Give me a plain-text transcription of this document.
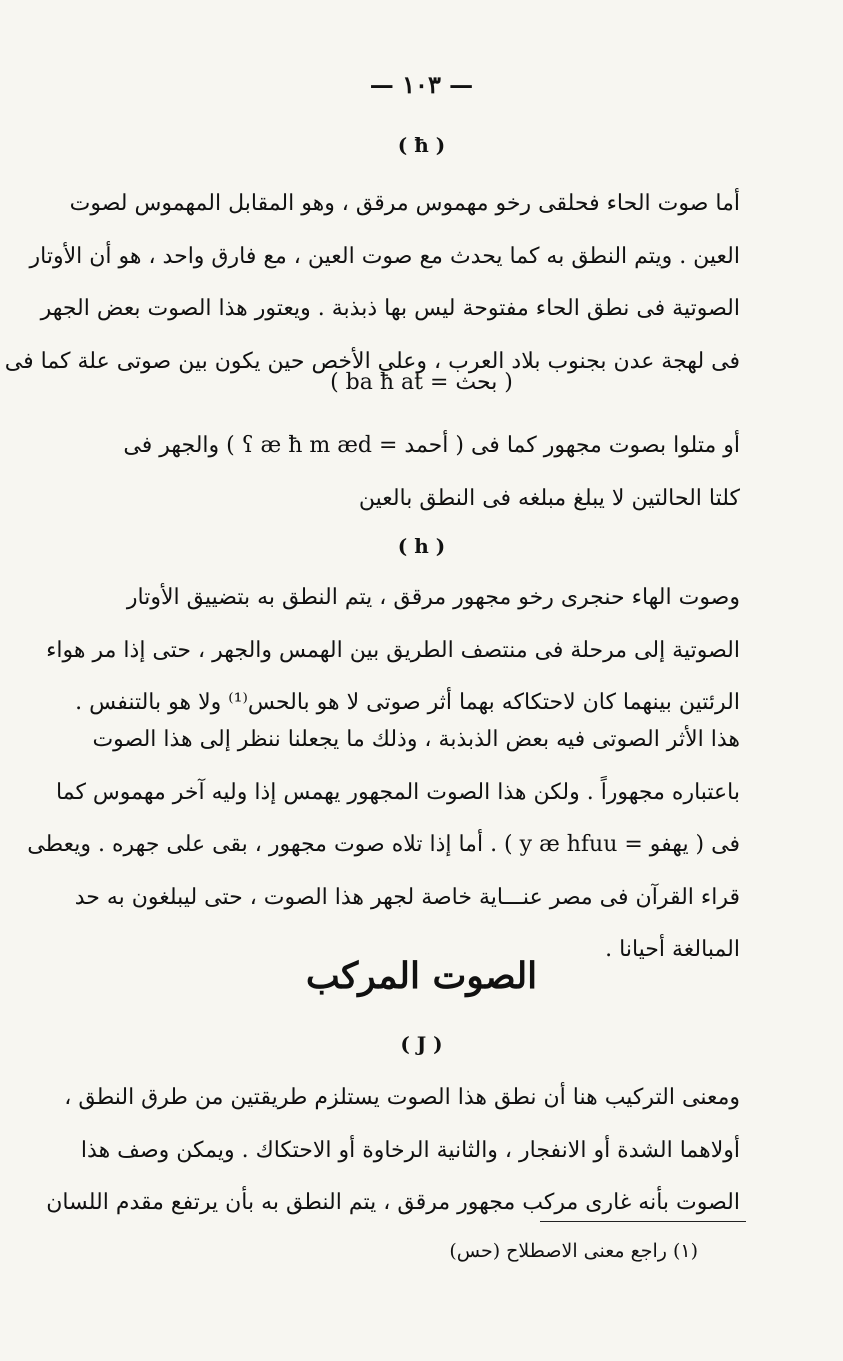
— ١٠٣ —
( ħ )
أما صوت الحاء فحلقى رخو مهموس مرقق ، وهو المقابل المهموس لصوت
العين . ويتم النطق به كما يحدث مع صوت العين ، مع فارق واحد ، هو أن الأوتار
الصوتية فى نطق الحاء مفتوحة ليس بها ذبذبة . ويعتور هذا الصوت بعض الجهر
فى لهجة عدن بجنوب بلاد العرب ، وعلى الأخص حين يكون بين صوتى علة كما فى
( بحث = ba ħ at )
أو متلوا بصوت مجهور كما فى ( أحمد = ʕ æ ħ m æd ) والجهر فى
كلتا الحالتين لا يبلغ مبلغه فى النطق بالعين
( h )
وصوت الهاء حنجرى رخو مجهور مرقق ، يتم النطق به بتضييق الأوتار
الصوتية إلى مرحلة فى منتصف الطريق بين الهمس والجهر ، حتى إذا مر هواء
الرئتين بينهما كان لاحتكاكه بهما أثر صوتى لا هو بالحس⁽¹⁾ ولا هو بالتنفس .
هذا الأثر الصوتى فيه بعض الذبذبة ، وذلك ما يجعلنا ننظر إلى هذا الصوت
باعتباره مجهوراً . ولكن هذا الصوت المجهور يهمس إذا وليه آخر مهموس كما
فى ( يهفو = y æ hfuu ) . أما إذا تلاه صوت مجهور ، بقى على جهره . ويعطى
قراء القرآن فى مصر عنـــاية خاصة لجهر هذا الصوت ، حتى ليبلغون به حد
المبالغة أحيانا .
الصوت المركب
( J )
ومعنى التركيب هنا أن نطق هذا الصوت يستلزم طريقتين من طرق النطق ،
أولاهما الشدة أو الانفجار ، والثانية الرخاوة أو الاحتكاك . ويمكن وصف هذا
الصوت بأنه غارى مركب مجهور مرقق ، يتم النطق به بأن يرتفع مقدم اللسان
(١) راجع معنى الاصطلاح (حس)
